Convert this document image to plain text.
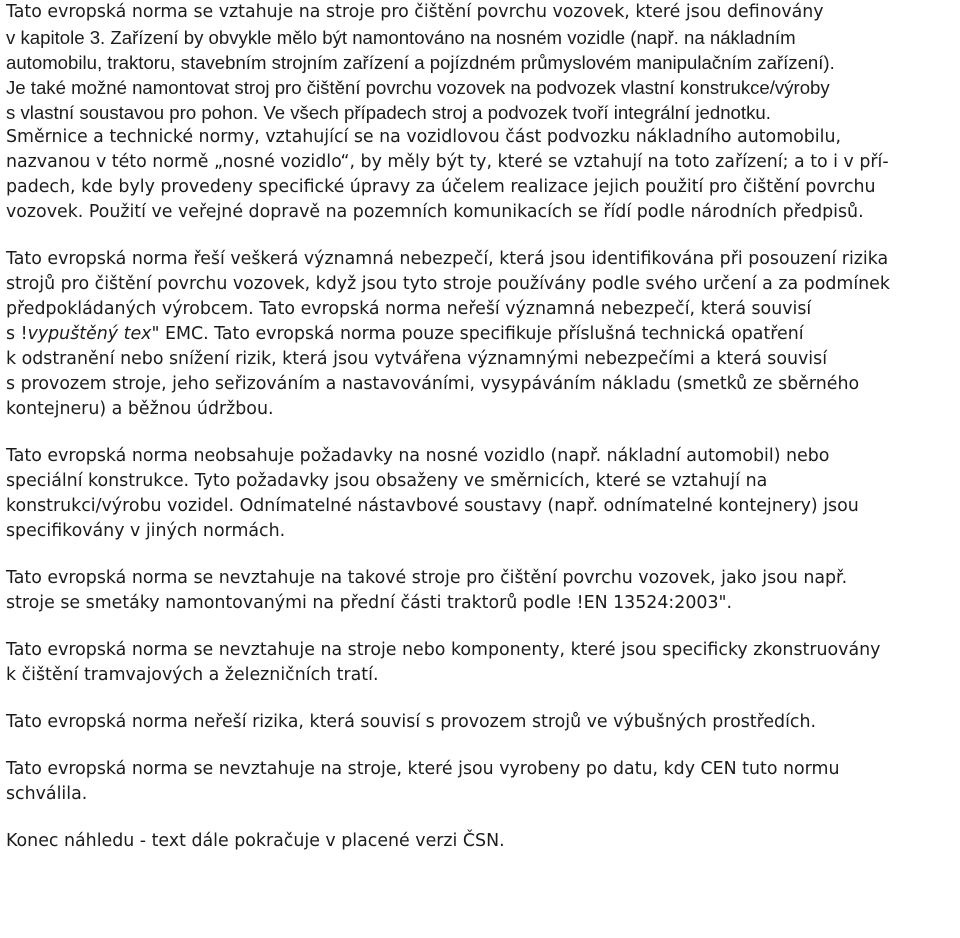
Tato evropská norma se vztahuje na stroje pro čištění povrchu vozovek, které jsou definovány
v kapitole 3. Zařízení by obvykle mělo být namontováno na nosném vozidle (např. na nákladním
automobilu, traktoru, stavebním strojním zařízení a pojízdném průmyslovém manipulačním zařízení).
Je také možné namontovat stroj pro čištění povrchu vozovek na podvozek vlastní konstrukce/výroby
s vlastní soustavou pro pohon. Ve všech případech stroj a podvozek tvoří integrální jednotku.
Směrnice a technické normy, vztahující se na vozidlovou část podvozku nákladního automobilu,
nazvanou v této normě „nosné vozidlo“, by měly být ty, které se vztahují na toto zařízení; a to i v pří-
padech, kde byly provedeny specifické úpravy za účelem realizace jejich použití pro čištění povrchu
vozovek. Použití ve veřejné dopravě na pozemních komunikacích se řídí podle národních předpisů.

Tato evropská norma řeší veškerá významná nebezpečí, která jsou identifikována při posouzení rizika
strojů pro čištění povrchu vozovek, když jsou tyto stroje používány podle svého určení a za podmínek
předpokládaných výrobcem. Tato evropská norma neřeší významná nebezpečí, která souvisí
s !vypuštěný tex" EMC. Tato evropská norma pouze specifikuje příslušná technická opatření
k odstranění nebo snížení rizik, která jsou vytvářena významnými nebezpečími a která souvisí
s provozem stroje, jeho seřizováním a nastavováními, vysypáváním nákladu (smetků ze sběrného
kontejneru) a běžnou údržbou.

Tato evropská norma neobsahuje požadavky na nosné vozidlo (např. nákladní automobil) nebo
speciální konstrukce. Tyto požadavky jsou obsaženy ve směrnicích, které se vztahují na
konstrukci/výrobu vozidel. Odnímatelné nástavbové soustavy (např. odnímatelné kontejnery) jsou
specifikovány v jiných normách.

Tato evropská norma se nevztahuje na takové stroje pro čištění povrchu vozovek, jako jsou např.
stroje se smetáky namontovanými na přední části traktorů podle !EN 13524:2003".

Tato evropská norma se nevztahuje na stroje nebo komponenty, které jsou specificky zkonstruovány
k čištění tramvajových a železničních tratí.

Tato evropská norma neřeší rizika, která souvisí s provozem strojů ve výbušných prostředích.

Tato evropská norma se nevztahuje na stroje, které jsou vyrobeny po datu, kdy CEN tuto normu
schválila.

Konec náhledu - text dále pokračuje v placené verzi ČSN.
